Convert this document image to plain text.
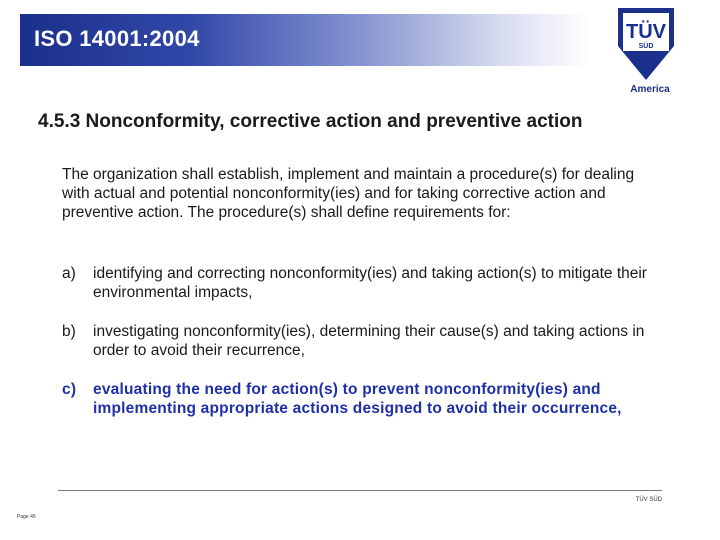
ISO 14001:2004	TÜV
SÜD
America
4.5.3 Nonconformity, corrective action and preventive action
The organization shall establish, implement and maintain a procedure(s) for dealing with actual and potential nonconformity(ies) and for taking corrective action and preventive action. The procedure(s) shall define requirements for:
a)	identifying and correcting nonconformity(ies) and taking action(s) to mitigate their environmental impacts,
b)	investigating nonconformity(ies), determining their cause(s) and taking actions in order to avoid their recurrence,
c)	evaluating the need for action(s) to prevent nonconformity(ies) and implementing appropriate actions designed to avoid their occurrence,
TÜV SÜD
Page 45
